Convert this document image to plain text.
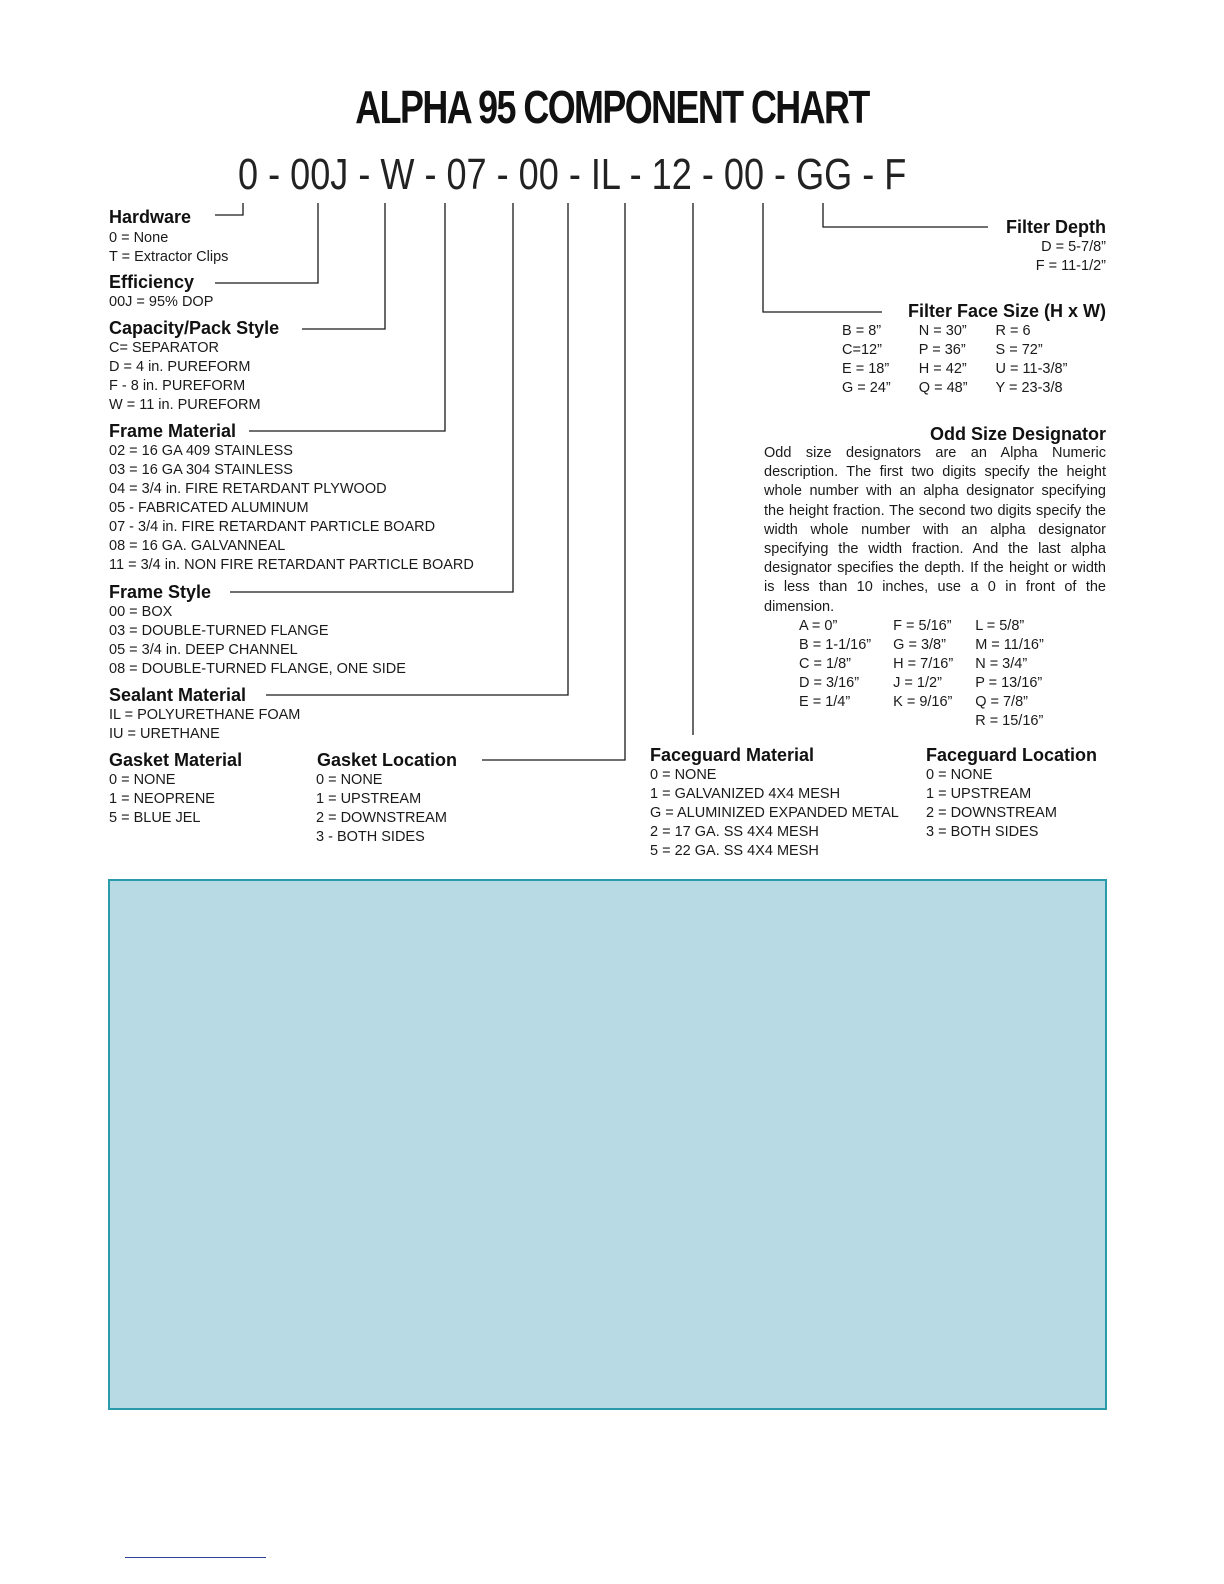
ALPHA 95 COMPONENT CHART
0 - 00J - W - 07 - 00 - IL - 12 - 00 - GG - F
Hardware
0 = None
T = Extractor Clips
Efficiency
00J = 95% DOP
Capacity/Pack Style
C= SEPARATOR
D = 4 in. PUREFORM
F - 8 in. PUREFORM
W = 11 in. PUREFORM
Frame Material
02 = 16 GA 409 STAINLESS
03 = 16 GA 304 STAINLESS
04 = 3/4 in. FIRE RETARDANT PLYWOOD
05 - FABRICATED ALUMINUM
07 - 3/4 in. FIRE RETARDANT PARTICLE BOARD
08 = 16 GA. GALVANNEAL
11 = 3/4 in. NON FIRE RETARDANT PARTICLE BOARD
Frame Style
00 = BOX
03 = DOUBLE-TURNED FLANGE
05 = 3/4 in. DEEP CHANNEL
08 = DOUBLE-TURNED FLANGE, ONE SIDE
Sealant Material
IL = POLYURETHANE FOAM
IU = URETHANE
Gasket Material
0 = NONE
1 = NEOPRENE
5 = BLUE JEL
Gasket Location
0 = NONE
1 = UPSTREAM
2 = DOWNSTREAM
3 - BOTH SIDES
Filter Depth
D = 5-7/8”
F = 11-1/2”
Filter Face Size (H x W)
B = 8”	N = 30” R = 6
C=12”	P = 36” S = 72”
E = 18” H = 42” U = 11-3/8”
G = 24” Q = 48” Y = 23-3/8
Odd Size Designator
Odd size designators are an Alpha Numeric description. The first two digits specify the height whole number with an alpha designator specifying the height fraction. The second two digits specify the width whole number with an alpha designator specifying the width fraction. And the last alpha designator specifies the depth. If the height or width is less than 10 inches, use a 0 in front of the dimension.
A = 0”	F = 5/16” L = 5/8”
B = 1-1/16” G = 3/8”	M = 11/16”
C = 1/8”	H = 7/16” N = 3/4”
D = 3/16”	J = 1/2”	P = 13/16”
E = 1/4”	K = 9/16” Q = 7/8”
R = 15/16”
Faceguard Material
0 = NONE
1 = GALVANIZED 4X4 MESH
G = ALUMINIZED EXPANDED METAL
2 = 17 GA. SS 4X4 MESH
5 = 22 GA. SS 4X4 MESH
Faceguard Location
0 = NONE
1 = UPSTREAM
2 = DOWNSTREAM
3 = BOTH SIDES
